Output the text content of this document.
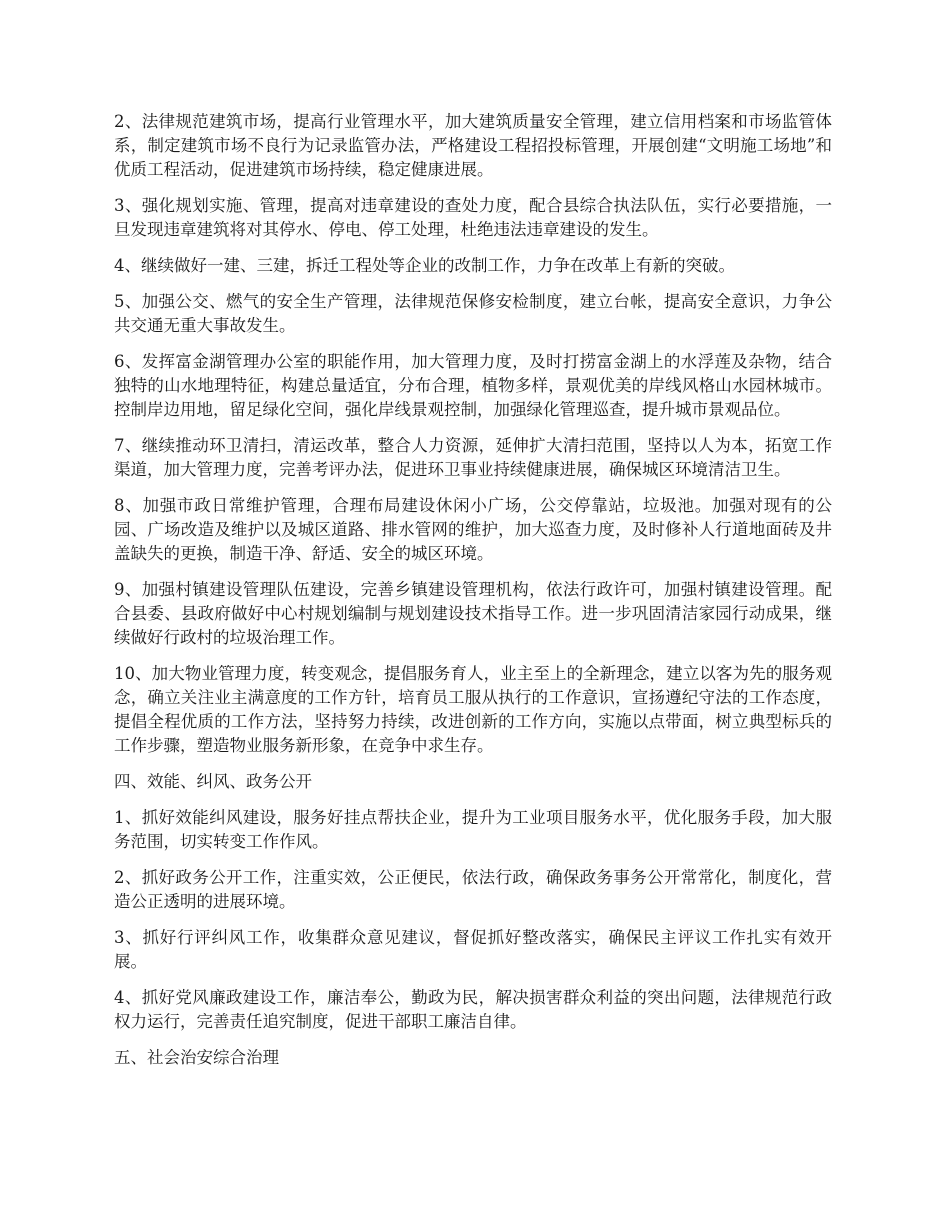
2、法律规范建筑市场，提高行业管理水平，加大建筑质量安全管理，建立信用档案和市场监管体系，制定建筑市场不良行为记录监管办法，严格建设工程招投标管理，开展创建“文明施工场地”和优质工程活动，促进建筑市场持续，稳定健康进展。

3、强化规划实施、管理，提高对违章建设的查处力度，配合县综合执法队伍，实行必要措施，一旦发现违章建筑将对其停水、停电、停工处理，杜绝违法违章建设的发生。

4、继续做好一建、三建，拆迁工程处等企业的改制工作，力争在改革上有新的突破。

5、加强公交、燃气的安全生产管理，法律规范保修安检制度，建立台帐，提高安全意识，力争公共交通无重大事故发生。

6、发挥富金湖管理办公室的职能作用，加大管理力度，及时打捞富金湖上的水浮莲及杂物，结合独特的山水地理特征，构建总量适宜，分布合理，植物多样，景观优美的岸线风格山水园林城市。控制岸边用地，留足绿化空间，强化岸线景观控制，加强绿化管理巡查，提升城市景观品位。

7、继续推动环卫清扫，清运改革，整合人力资源，延伸扩大清扫范围，坚持以人为本，拓宽工作渠道，加大管理力度，完善考评办法，促进环卫事业持续健康进展，确保城区环境清洁卫生。

8、加强市政日常维护管理，合理布局建设休闲小广场，公交停靠站，垃圾池。加强对现有的公园、广场改造及维护以及城区道路、排水管网的维护，加大巡查力度，及时修补人行道地面砖及井盖缺失的更换，制造干净、舒适、安全的城区环境。

9、加强村镇建设管理队伍建设，完善乡镇建设管理机构，依法行政许可，加强村镇建设管理。配合县委、县政府做好中心村规划编制与规划建设技术指导工作。进一步巩固清洁家园行动成果，继续做好行政村的垃圾治理工作。

10、加大物业管理力度，转变观念，提倡服务育人，业主至上的全新理念，建立以客为先的服务观念，确立关注业主满意度的工作方针，培育员工服从执行的工作意识，宣扬遵纪守法的工作态度，提倡全程优质的工作方法，坚持努力持续，改进创新的工作方向，实施以点带面，树立典型标兵的工作步骤，塑造物业服务新形象，在竞争中求生存。

四、效能、纠风、政务公开

1、抓好效能纠风建设，服务好挂点帮扶企业，提升为工业项目服务水平，优化服务手段，加大服务范围，切实转变工作作风。

2、抓好政务公开工作，注重实效，公正便民，依法行政，确保政务事务公开常常化，制度化，营造公正透明的进展环境。

3、抓好行评纠风工作，收集群众意见建议，督促抓好整改落实，确保民主评议工作扎实有效开展。

4、抓好党风廉政建设工作，廉洁奉公，勤政为民，解决损害群众利益的突出问题，法律规范行政权力运行，完善责任追究制度，促进干部职工廉洁自律。

五、社会治安综合治理
